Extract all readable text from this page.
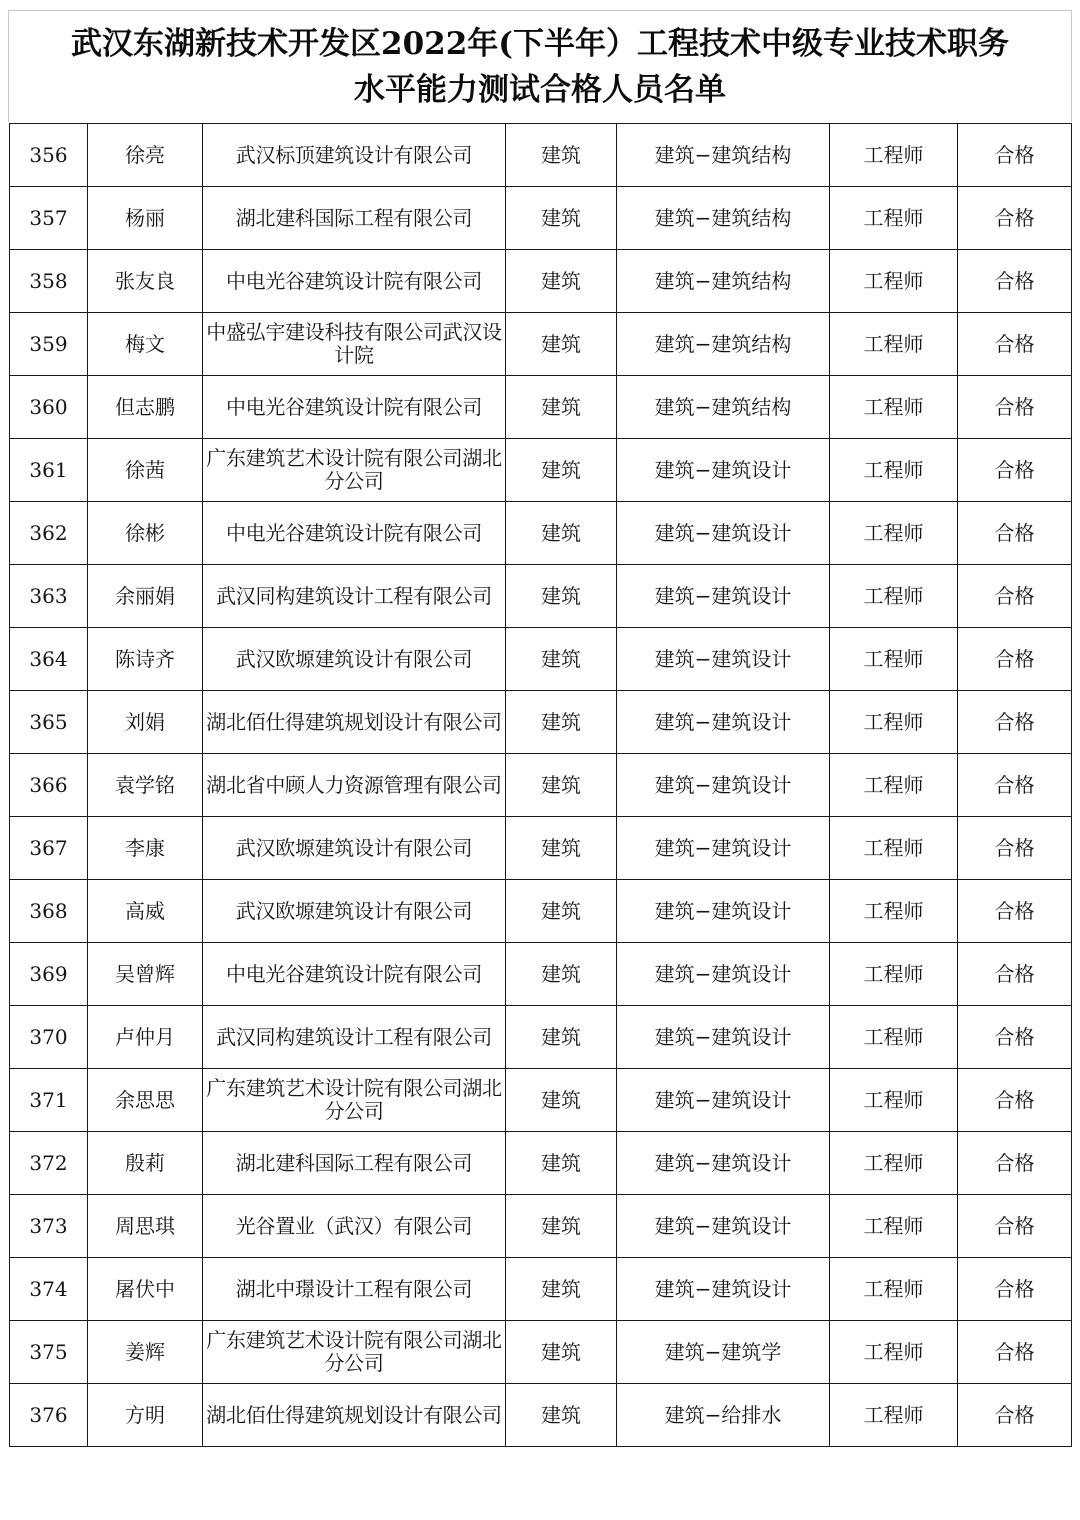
武汉东湖新技术开发区2022年(下半年）工程技术中级专业技术职务
水平能力测试合格人员名单
356	徐亮	武汉标顶建筑设计有限公司	建筑	建筑−建筑结构	工程师	合格
357	杨丽	湖北建科国际工程有限公司	建筑	建筑−建筑结构	工程师	合格
358	张友良	中电光谷建筑设计院有限公司	建筑	建筑−建筑结构	工程师	合格
359	梅文	中盛弘宇建设科技有限公司武汉设计院	建筑	建筑−建筑结构	工程师	合格
360	但志鹏	中电光谷建筑设计院有限公司	建筑	建筑−建筑结构	工程师	合格
361	徐茜	广东建筑艺术设计院有限公司湖北分公司	建筑	建筑−建筑设计	工程师	合格
362	徐彬	中电光谷建筑设计院有限公司	建筑	建筑−建筑设计	工程师	合格
363	余丽娟	武汉同构建筑设计工程有限公司	建筑	建筑−建筑设计	工程师	合格
364	陈诗齐	武汉欧塬建筑设计有限公司	建筑	建筑−建筑设计	工程师	合格
365	刘娟	湖北佰仕得建筑规划设计有限公司	建筑	建筑−建筑设计	工程师	合格
366	袁学铭	湖北省中顾人力资源管理有限公司	建筑	建筑−建筑设计	工程师	合格
367	李康	武汉欧塬建筑设计有限公司	建筑	建筑−建筑设计	工程师	合格
368	高威	武汉欧塬建筑设计有限公司	建筑	建筑−建筑设计	工程师	合格
369	吴曾辉	中电光谷建筑设计院有限公司	建筑	建筑−建筑设计	工程师	合格
370	卢仲月	武汉同构建筑设计工程有限公司	建筑	建筑−建筑设计	工程师	合格
371	余思思	广东建筑艺术设计院有限公司湖北分公司	建筑	建筑−建筑设计	工程师	合格
372	殷莉	湖北建科国际工程有限公司	建筑	建筑−建筑设计	工程师	合格
373	周思琪	光谷置业（武汉）有限公司	建筑	建筑−建筑设计	工程师	合格
374	屠伏中	湖北中璟设计工程有限公司	建筑	建筑−建筑设计	工程师	合格
375	姜辉	广东建筑艺术设计院有限公司湖北分公司	建筑	建筑−建筑学	工程师	合格
376	方明	湖北佰仕得建筑规划设计有限公司	建筑	建筑−给排水	工程师	合格
